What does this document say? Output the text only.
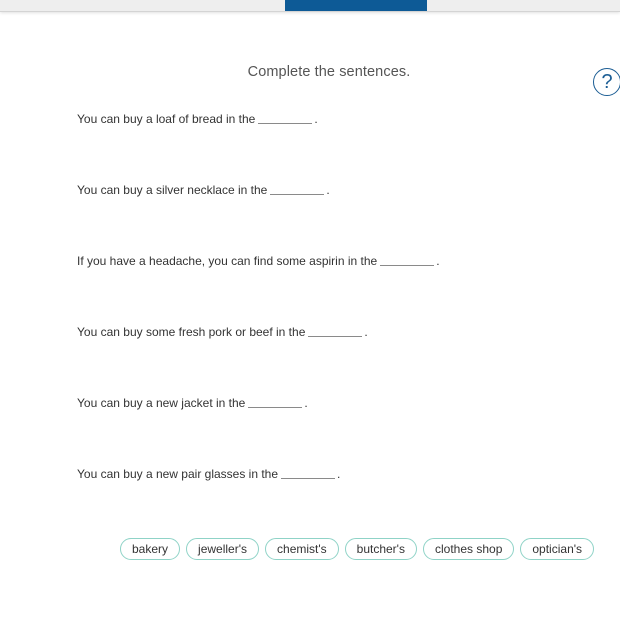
Complete the sentences.	?
You can buy a loaf of bread in the	.
You can buy a silver necklace in the	.
If you have a headache, you can find some aspirin in the	.
You can buy some fresh pork or beef in the	.
You can buy a new jacket in the	.
You can buy a new pair glasses in the	.
bakery	jeweller's	chemist's	butcher's	clothes shop	optician's
